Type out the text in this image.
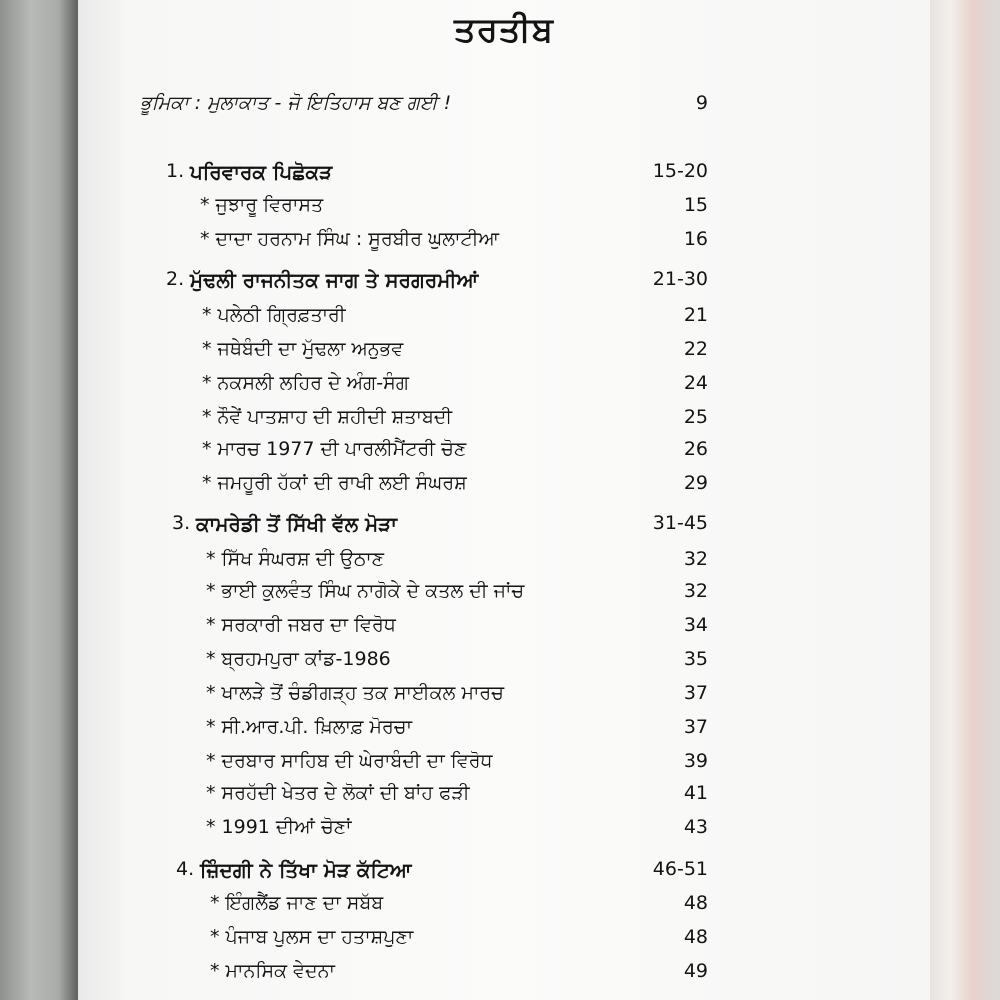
ਤਰਤੀਬ
ਭੂਮਿਕਾ : ਮੁਲਾਕਾਤ - ਜੋ ਇਤਿਹਾਸ ਬਣ ਗਈ !	9
1. ਪਰਿਵਾਰਕ ਪਿਛੋਕੜ	15-20
* ਜੁਝਾਰੂ ਵਿਰਾਸਤ	15
* ਦਾਦਾ ਹਰਨਾਮ ਸਿੰਘ : ਸੂਰਬੀਰ ਘੁਲਾਟੀਆ	16
2. ਮੁੱਢਲੀ ਰਾਜਨੀਤਕ ਜਾਗ ਤੇ ਸਰਗਰਮੀਆਂ	21-30
* ਪਲੇਠੀ ਗ੍ਰਿਫ਼ਤਾਰੀ	21
* ਜਥੇਬੰਦੀ ਦਾ ਮੁੱਢਲਾ ਅਨੁਭਵ	22
* ਨਕਸਲੀ ਲਹਿਰ ਦੇ ਅੰਗ-ਸੰਗ	24
* ਨੌਵੇਂ ਪਾਤਸ਼ਾਹ ਦੀ ਸ਼ਹੀਦੀ ਸ਼ਤਾਬਦੀ	25
* ਮਾਰਚ 1977 ਦੀ ਪਾਰਲੀਮੈਂਟਰੀ ਚੋਣ	26
* ਜਮਹੂਰੀ ਹੱਕਾਂ ਦੀ ਰਾਖੀ ਲਈ ਸੰਘਰਸ਼	29
3. ਕਾਮਰੇਡੀ ਤੋਂ ਸਿੱਖੀ ਵੱਲ ਮੋੜਾ	31-45
* ਸਿੱਖ ਸੰਘਰਸ਼ ਦੀ ਉਠਾਣ	32
* ਭਾਈ ਕੁਲਵੰਤ ਸਿੰਘ ਨਾਗੋਕੇ ਦੇ ਕਤਲ ਦੀ ਜਾਂਚ	32
* ਸਰਕਾਰੀ ਜਬਰ ਦਾ ਵਿਰੋਧ	34
* ਬ੍ਰਹਮਪੁਰਾ ਕਾਂਡ-1986	35
* ਖਾਲੜੇ ਤੋਂ ਚੰਡੀਗੜ੍ਹ ਤਕ ਸਾਈਕਲ ਮਾਰਚ	37
* ਸੀ.ਆਰ.ਪੀ. ਖ਼ਿਲਾਫ਼ ਮੋਰਚਾ	37
* ਦਰਬਾਰ ਸਾਹਿਬ ਦੀ ਘੇਰਾਬੰਦੀ ਦਾ ਵਿਰੋਧ	39
* ਸਰਹੱਦੀ ਖੇਤਰ ਦੇ ਲੋਕਾਂ ਦੀ ਬਾਂਹ ਫੜੀ	41
* 1991 ਦੀਆਂ ਚੋਣਾਂ	43
4. ਜ਼ਿੰਦਗੀ ਨੇ ਤਿੱਖਾ ਮੋੜ ਕੱਟਿਆ	46-51
* ਇੰਗਲੈਂਡ ਜਾਣ ਦਾ ਸਬੱਬ	48
* ਪੰਜਾਬ ਪੁਲਸ ਦਾ ਹਤਾਸ਼ਪੁਣਾ	48
* ਮਾਨਸਿਕ ਵੇਦਨਾ	49
